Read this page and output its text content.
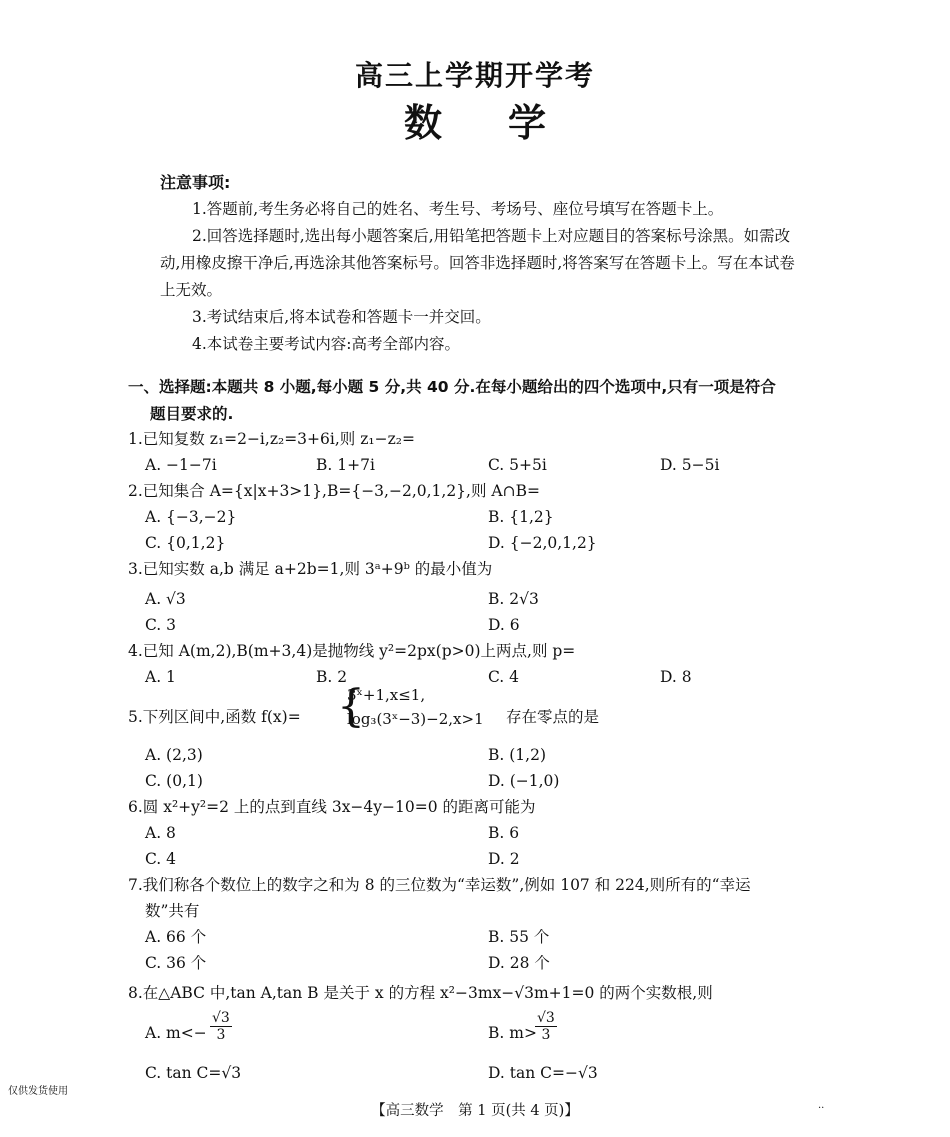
高三上学期开学考
数学
注意事项:

1.答题前,考生务必将自己的姓名、考生号、考场号、座位号填写在答题卡上。

2.回答选择题时,选出每小题答案后,用铅笔把答题卡上对应题目的答案标号涂黑。如需改动,用橡皮擦干净后,再选涂其他答案标号。回答非选择题时,将答案写在答题卡上。写在本试卷上无效。

3.考试结束后,将本试卷和答题卡一并交回。

4.本试卷主要考试内容:高考全部内容。

一、选择题:本题共 8 小题,每小题 5 分,共 40 分.在每小题给出的四个选项中,只有一项是符合
题目要求的.
1.已知复数 z₁=2−i,z₂=3+6i,则 z₁−z₂=
A. −1−7i	B. 1+7i	C. 5+5i	D. 5−5i
2.已知集合 A={x|x+3>1},B={−3,−2,0,1,2},则 A∩B=
A. {−3,−2}	B. {1,2}
C. {0,1,2}	D. {−2,0,1,2}
3.已知实数 a,b 满足 a+2b=1,则 3ᵃ+9ᵇ 的最小值为
A. √3	B. 2√3
C. 3	D. 6
4.已知 A(m,2),B(m+3,4)是抛物线 y²=2px(p>0)上两点,则 p=
A. 1	B. 2	C. 4	D. 8
5.下列区间中,函数 f(x)= {
3ˣ+1,x≤1,
log₃(3ˣ−3)−2,x>1 存在零点的是
A. (2,3)	B. (1,2)
C. (0,1)	D. (−1,0)
6.圆 x²+y²=2 上的点到直线 3x−4y−10=0 的距离可能为
A. 8	B. 6
C. 4	D. 2
7.我们称各个数位上的数字之和为 8 的三位数为“幸运数”,例如 107 和 224,则所有的“幸运
数”共有
A. 66 个	B. 55 个
C. 36 个	D. 28 个
8.在△ABC 中,tan A,tan B 是关于 x 的方程 x²−3mx−√3m+1=0 的两个实数根,则
A. $m<- \frac{√3}{3}$	B. m>
$\frac{√3}{3}$
C. tan C=√3	D. tan C=−√3
仅供发货使用
【高三数学　第 1 页(共 4 页)】	..
